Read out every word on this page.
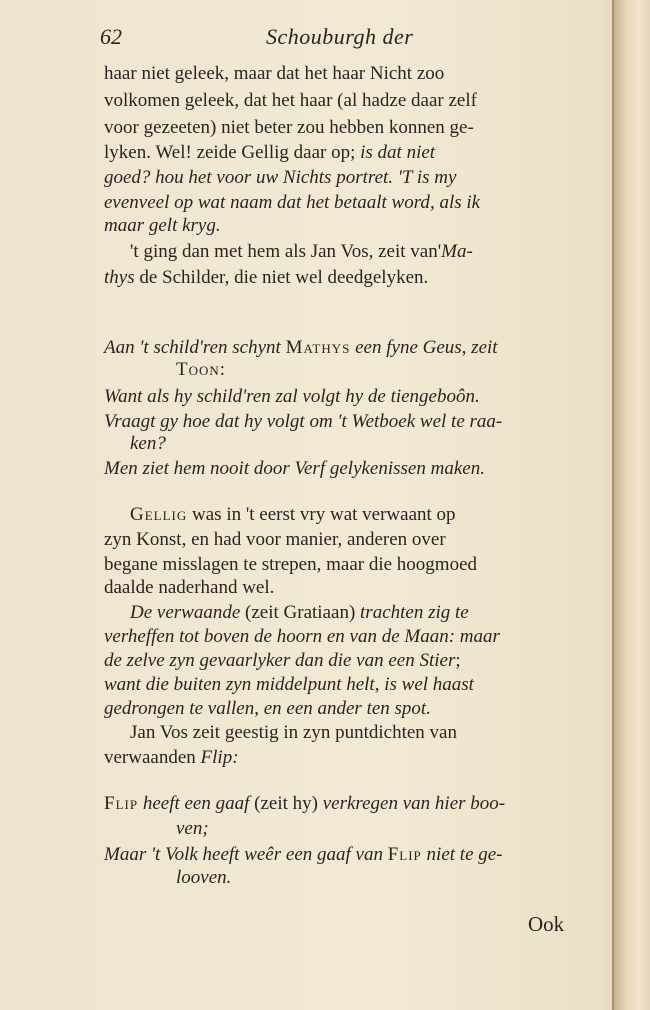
62	Schouburgh der
haar niet geleek, maar dat het haar Nicht zoo
volkomen geleek, dat het haar (al hadze daar zelf
voor gezeeten) niet beter zou hebben konnen ge-
lyken. Wel! zeide Gellig daar op; is dat niet
goed? hou het voor uw Nichts portret. 'T is my
evenveel op wat naam dat het betaalt word, als ik
maar gelt kryg.
't ging dan met hem als Jan Vos, zeit van'Ma-
thys de Schilder, die niet wel deedgelyken.
Aan 't schild'ren schynt Mathys een fyne Geus, zeit
Toon:
Want als hy schild'ren zal volgt hy de tiengeboôn.
Vraagt gy hoe dat hy volgt om 't Wetboek wel te raa-
ken?
Men ziet hem nooit door Verf gelykenissen maken.
Gellig was in 't eerst vry wat verwaant op
zyn Konst, en had voor manier, anderen over
begane misslagen te strepen, maar die hoogmoed
daalde naderhand wel.
De verwaande (zeit Gratiaan) trachten zig te
verheffen tot boven de hoorn en van de Maan: maar
de zelve zyn gevaarlyker dan die van een Stier;
want die buiten zyn middelpunt helt, is wel haast
gedrongen te vallen, en een ander ten spot.
Jan Vos zeit geestig in zyn puntdichten van
verwaanden Flip:
Flip heeft een gaaf (zeit hy) verkregen van hier boo-
ven;
Maar 't Volk heeft weêr een gaaf van Flip niet te ge-
looven.
Ook
